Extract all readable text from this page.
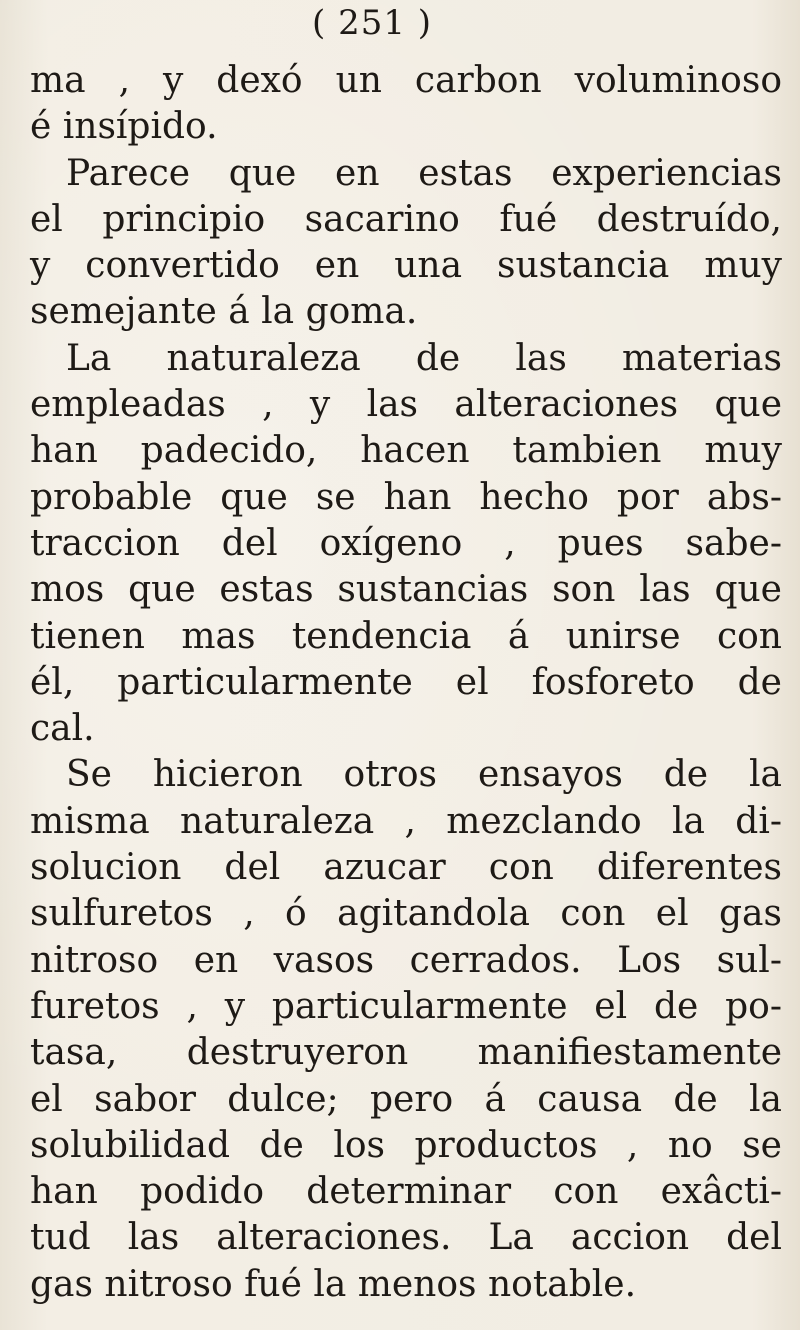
( 251 )
ma , y dexó un carbon voluminoso
é insípido.
Parece que en estas experiencias
el principio sacarino fué destruído,
y convertido en una sustancia muy
semejante á la goma.
La naturaleza de las materias
empleadas , y las alteraciones que
han padecido, hacen tambien muy
probable que se han hecho por abs-
traccion del oxígeno , pues sabe-
mos que estas sustancias son las que
tienen mas tendencia á unirse con
él, particularmente el fosforeto de
cal.
Se hicieron otros ensayos de la
misma naturaleza , mezclando la di-
solucion del azucar con diferentes
sulfuretos , ó agitandola con el gas
nitroso en vasos cerrados. Los sul-
furetos , y particularmente el de po-
tasa, destruyeron manifiestamente
el sabor dulce; pero á causa de la
solubilidad de los productos , no se
han podido determinar con exâcti-
tud las alteraciones. La accion del
gas nitroso fué la menos notable.
